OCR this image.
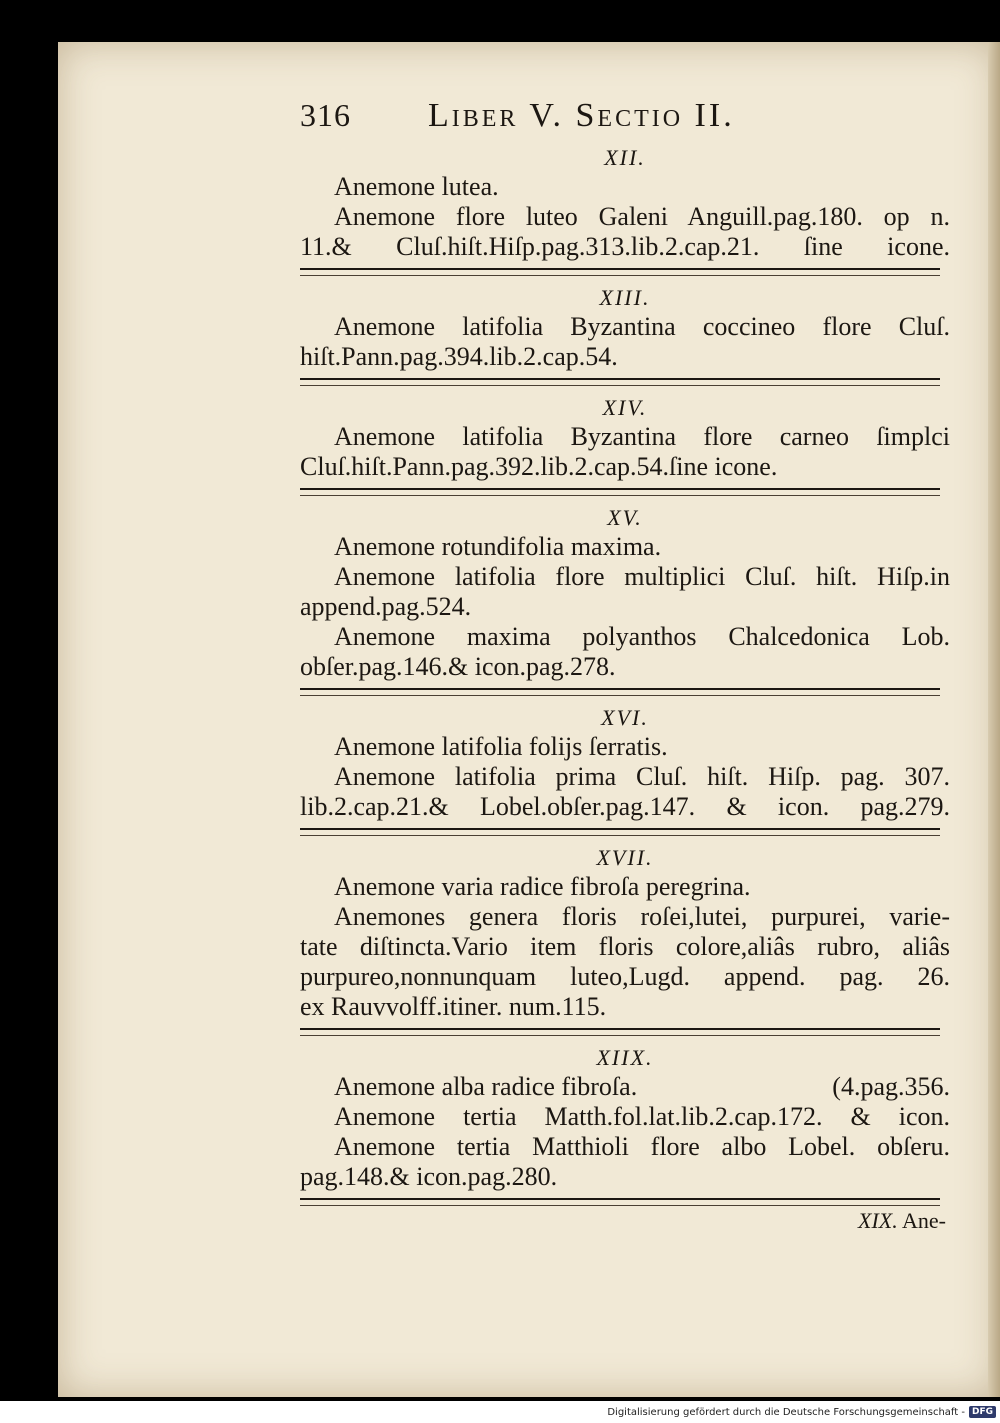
316	Liber V. Sectio II.
XII.
Anemone lutea.
Anemone flore luteo Galeni Anguill.pag.180. op n.
11.& Cluſ.hiſt.Hiſp.pag.313.lib.2.cap.21. ſine icone.
XIII.
Anemone latifolia Byzantina coccineo flore Cluſ.
hiſt.Pann.pag.394.lib.2.cap.54.
XIV.
Anemone latifolia Byzantina flore carneo ſimplci
Cluſ.hiſt.Pann.pag.392.lib.2.cap.54.ſine icone.
XV.
Anemone rotundifolia maxima.
Anemone latifolia flore multiplici Cluſ. hiſt. Hiſp.in
append.pag.524.
Anemone maxima polyanthos Chalcedonica Lob.
obſer.pag.146.& icon.pag.278.
XVI.
Anemone latifolia folijs ſerratis.
Anemone latifolia prima Cluſ. hiſt. Hiſp. pag. 307.
lib.2.cap.21.& Lobel.obſer.pag.147. & icon. pag.279.
XVII.
Anemone varia radice fibroſa peregrina.
Anemones genera floris roſei,lutei, purpurei, varie-
tate diſtincta.Vario item floris colore,aliâs rubro, aliâs
purpureo,nonnunquam luteo,Lugd. append. pag. 26.
ex Rauvvolff.itiner. num.115.
XIIX.
Anemone alba radice fibroſa.	(4.pag.356.
Anemone tertia Matth.fol.lat.lib.2.cap.172. & icon.
Anemone tertia Matthioli flore albo Lobel. obſeru.
pag.148.& icon.pag.280.
XIX. Ane-
Digitalisierung gefördert durch die Deutsche Forschungsgemeinschaft - DFG
